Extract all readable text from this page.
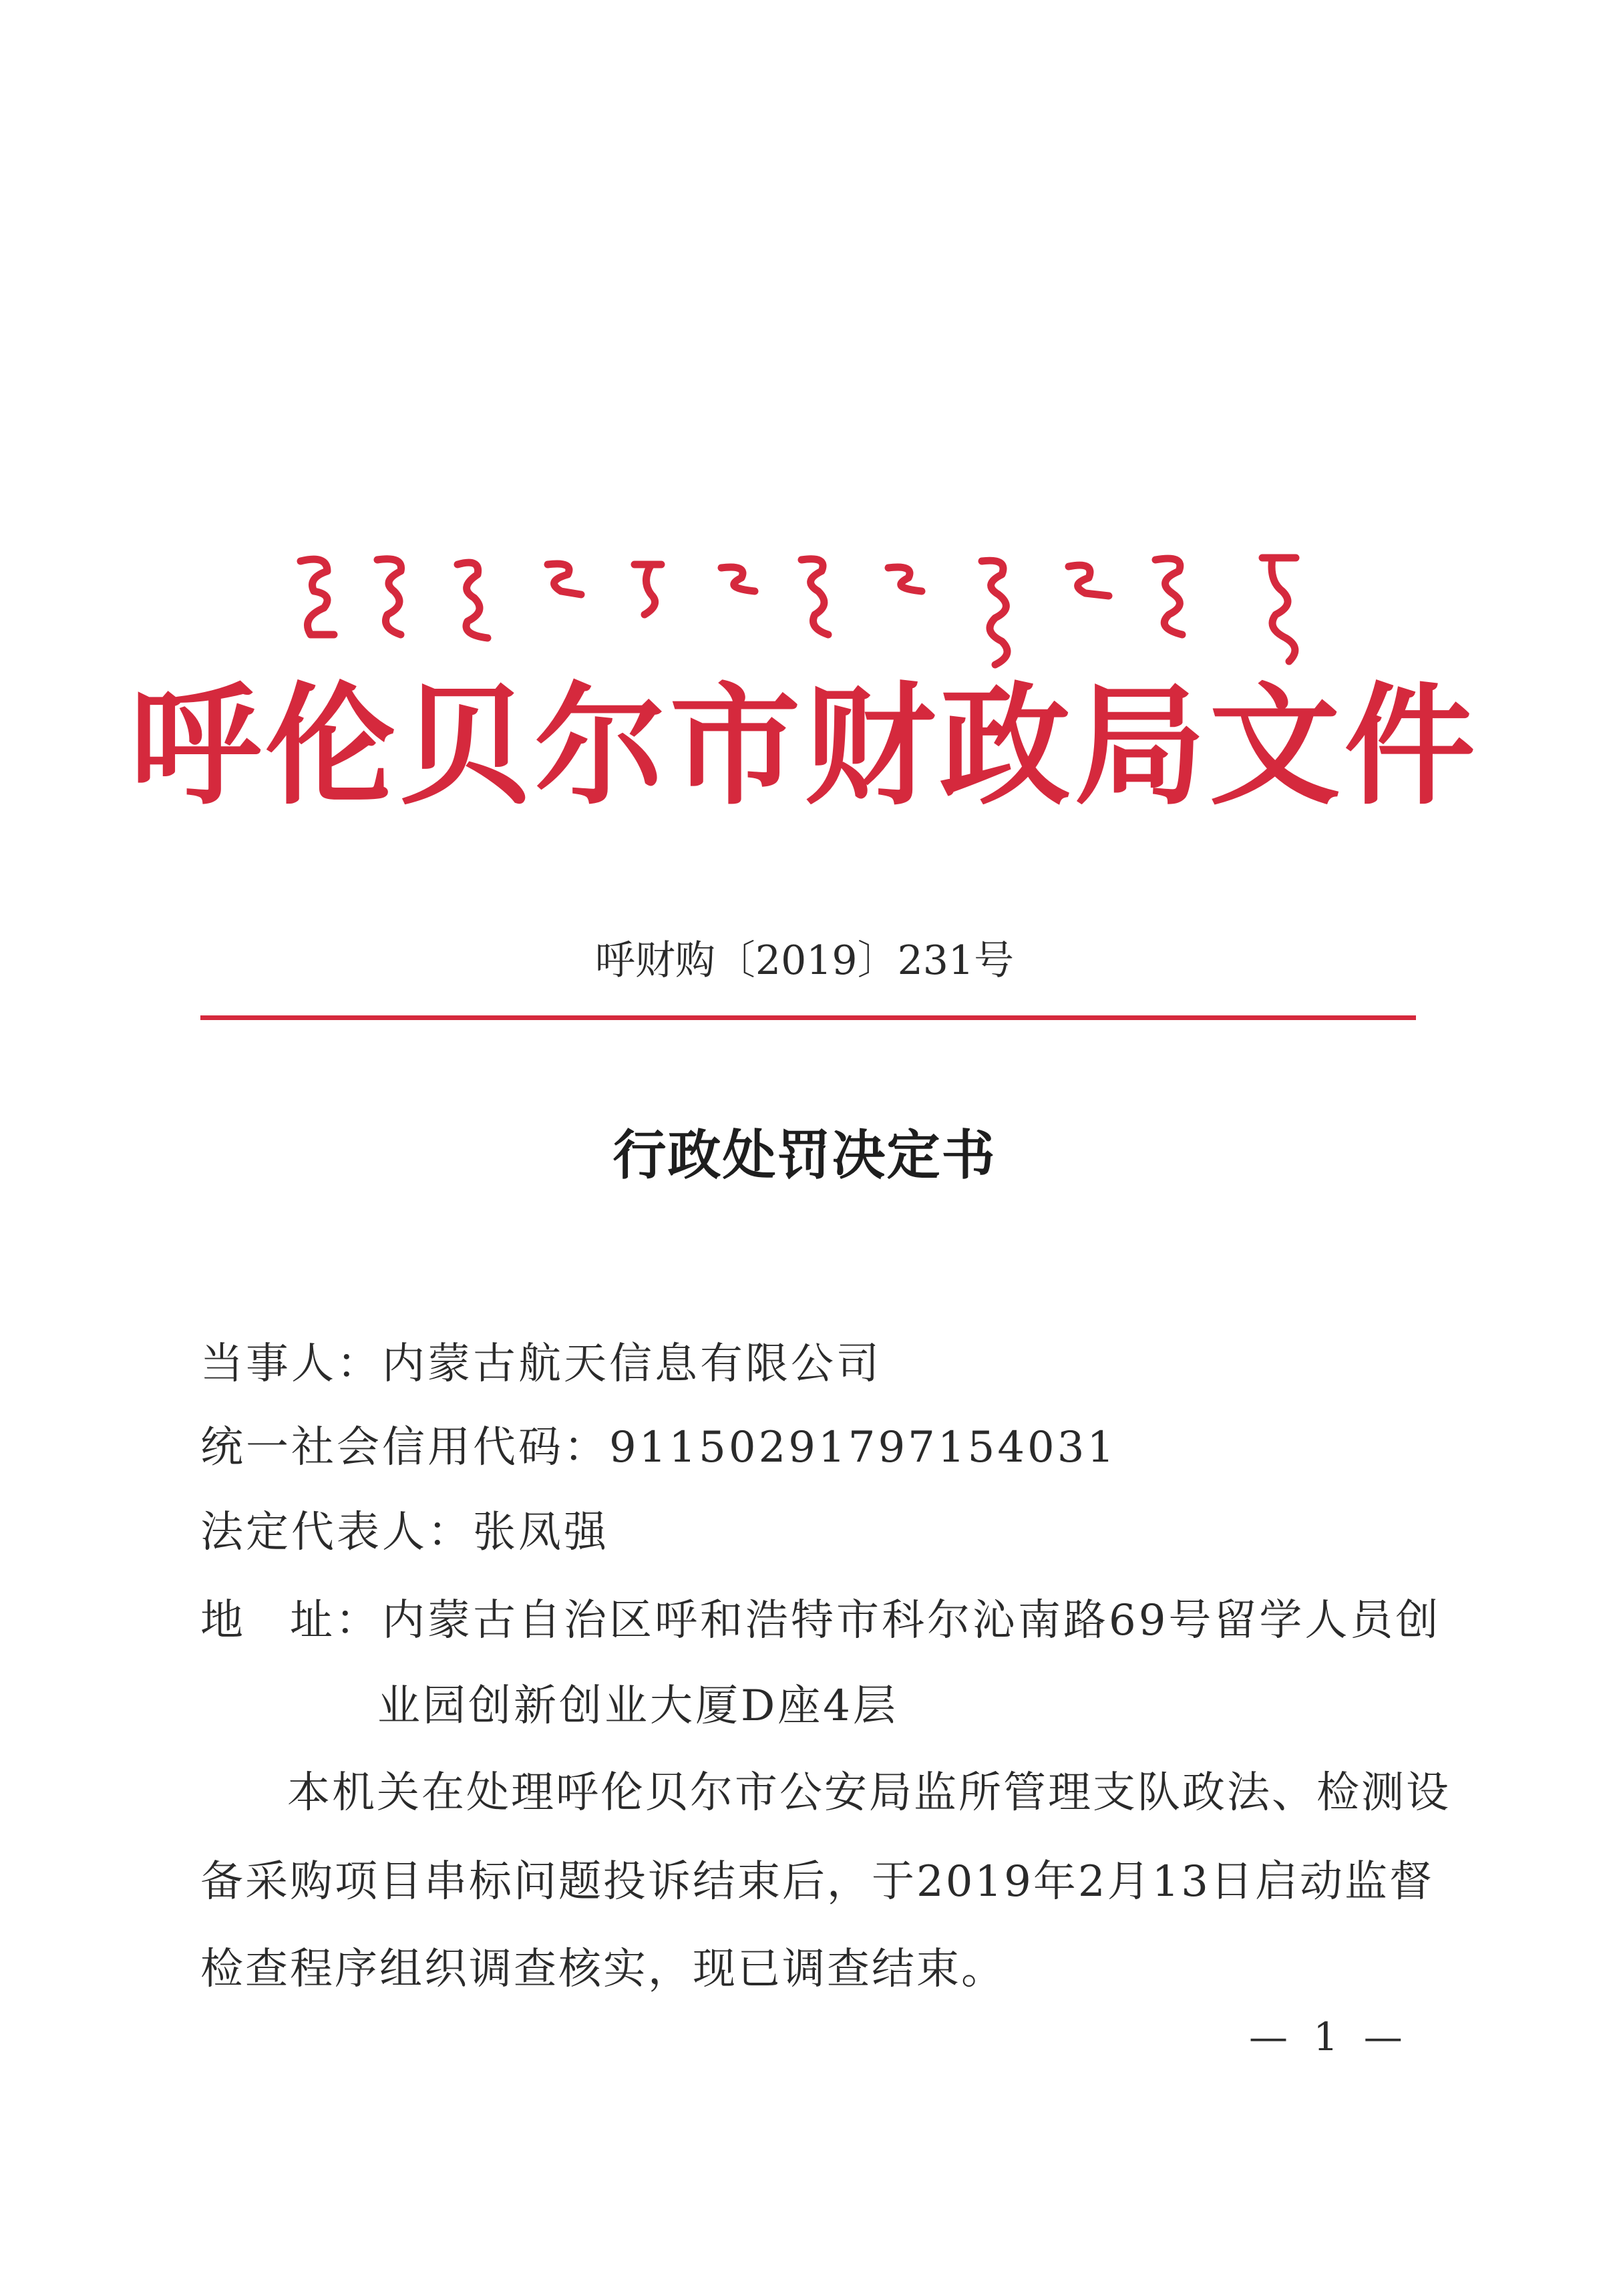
呼伦贝尔市财政局文件
呼财购〔2019〕231号
行政处罚决定书
当事人：内蒙古航天信息有限公司
统一社会信用代码：91150291797154031
法定代表人：张凤强
地 址：内蒙古自治区呼和浩特市科尔沁南路69号留学人员创
业园创新创业大厦D座4层
本机关在处理呼伦贝尔市公安局监所管理支队政法、检测设
备采购项目串标问题投诉结束后，于2019年2月13日启动监督
检查程序组织调查核实，现已调查结束。
— 1 —
